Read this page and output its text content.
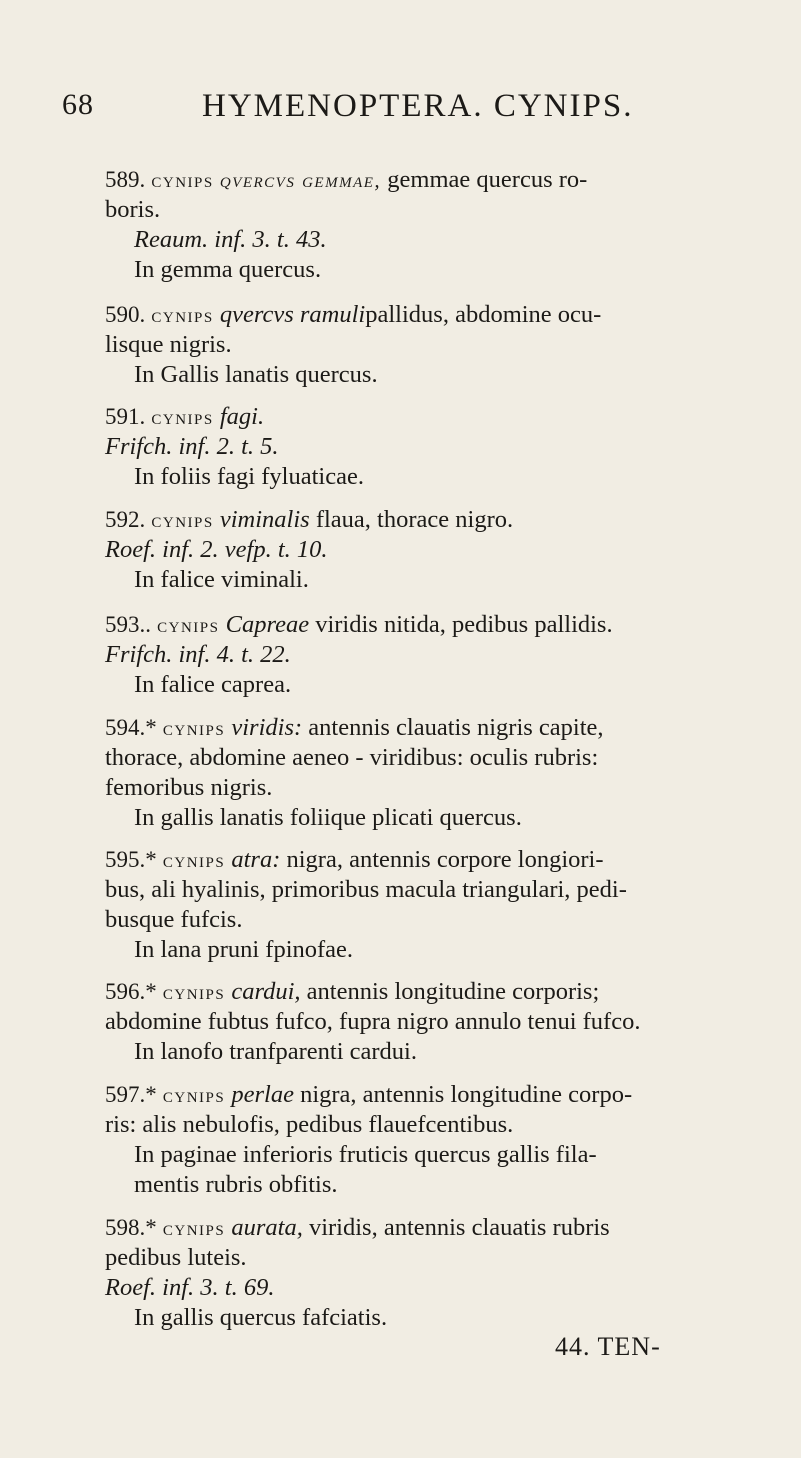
68	HYMENOPTERA. CYNIPS.
589. cynips qvercvs gemmae, gemmae quercus ro-
boris.
Reaum. inf. 3. t. 43.
In gemma quercus.
590. cynips qvercvs ramulipallidus, abdomine ocu-
lisque nigris.
In Gallis lanatis quercus.
591. cynips fagi.
Frifch. inf. 2. t. 5.
In foliis fagi fyluaticae.
592. cynips viminalis flaua, thorace nigro.
Roef. inf. 2. vefp. t. 10.
In falice viminali.
593.. cynips Capreae viridis nitida, pedibus pallidis.
Frifch. inf. 4. t. 22.
In falice caprea.
594.* cynips viridis: antennis clauatis nigris capite,
thorace, abdomine aeneo - viridibus: oculis rubris:
femoribus nigris.
In gallis lanatis foliique plicati quercus.
595.* cynips atra: nigra, antennis corpore longiori-
bus, ali hyalinis, primoribus macula triangulari, pedi-
busque fufcis.
In lana pruni fpinofae.
596.* cynips cardui, antennis longitudine corporis;
abdomine fubtus fufco, fupra nigro annulo tenui fufco.
In lanofo tranfparenti cardui.
597.* cynips perlae nigra, antennis longitudine corpo-
ris: alis nebulofis, pedibus flauefcentibus.
In paginae inferioris fruticis quercus gallis fila-
mentis rubris obfitis.
598.* cynips aurata, viridis, antennis clauatis rubris
pedibus luteis.
Roef. inf. 3. t. 69.
In gallis quercus fafciatis.
44. TEN-
